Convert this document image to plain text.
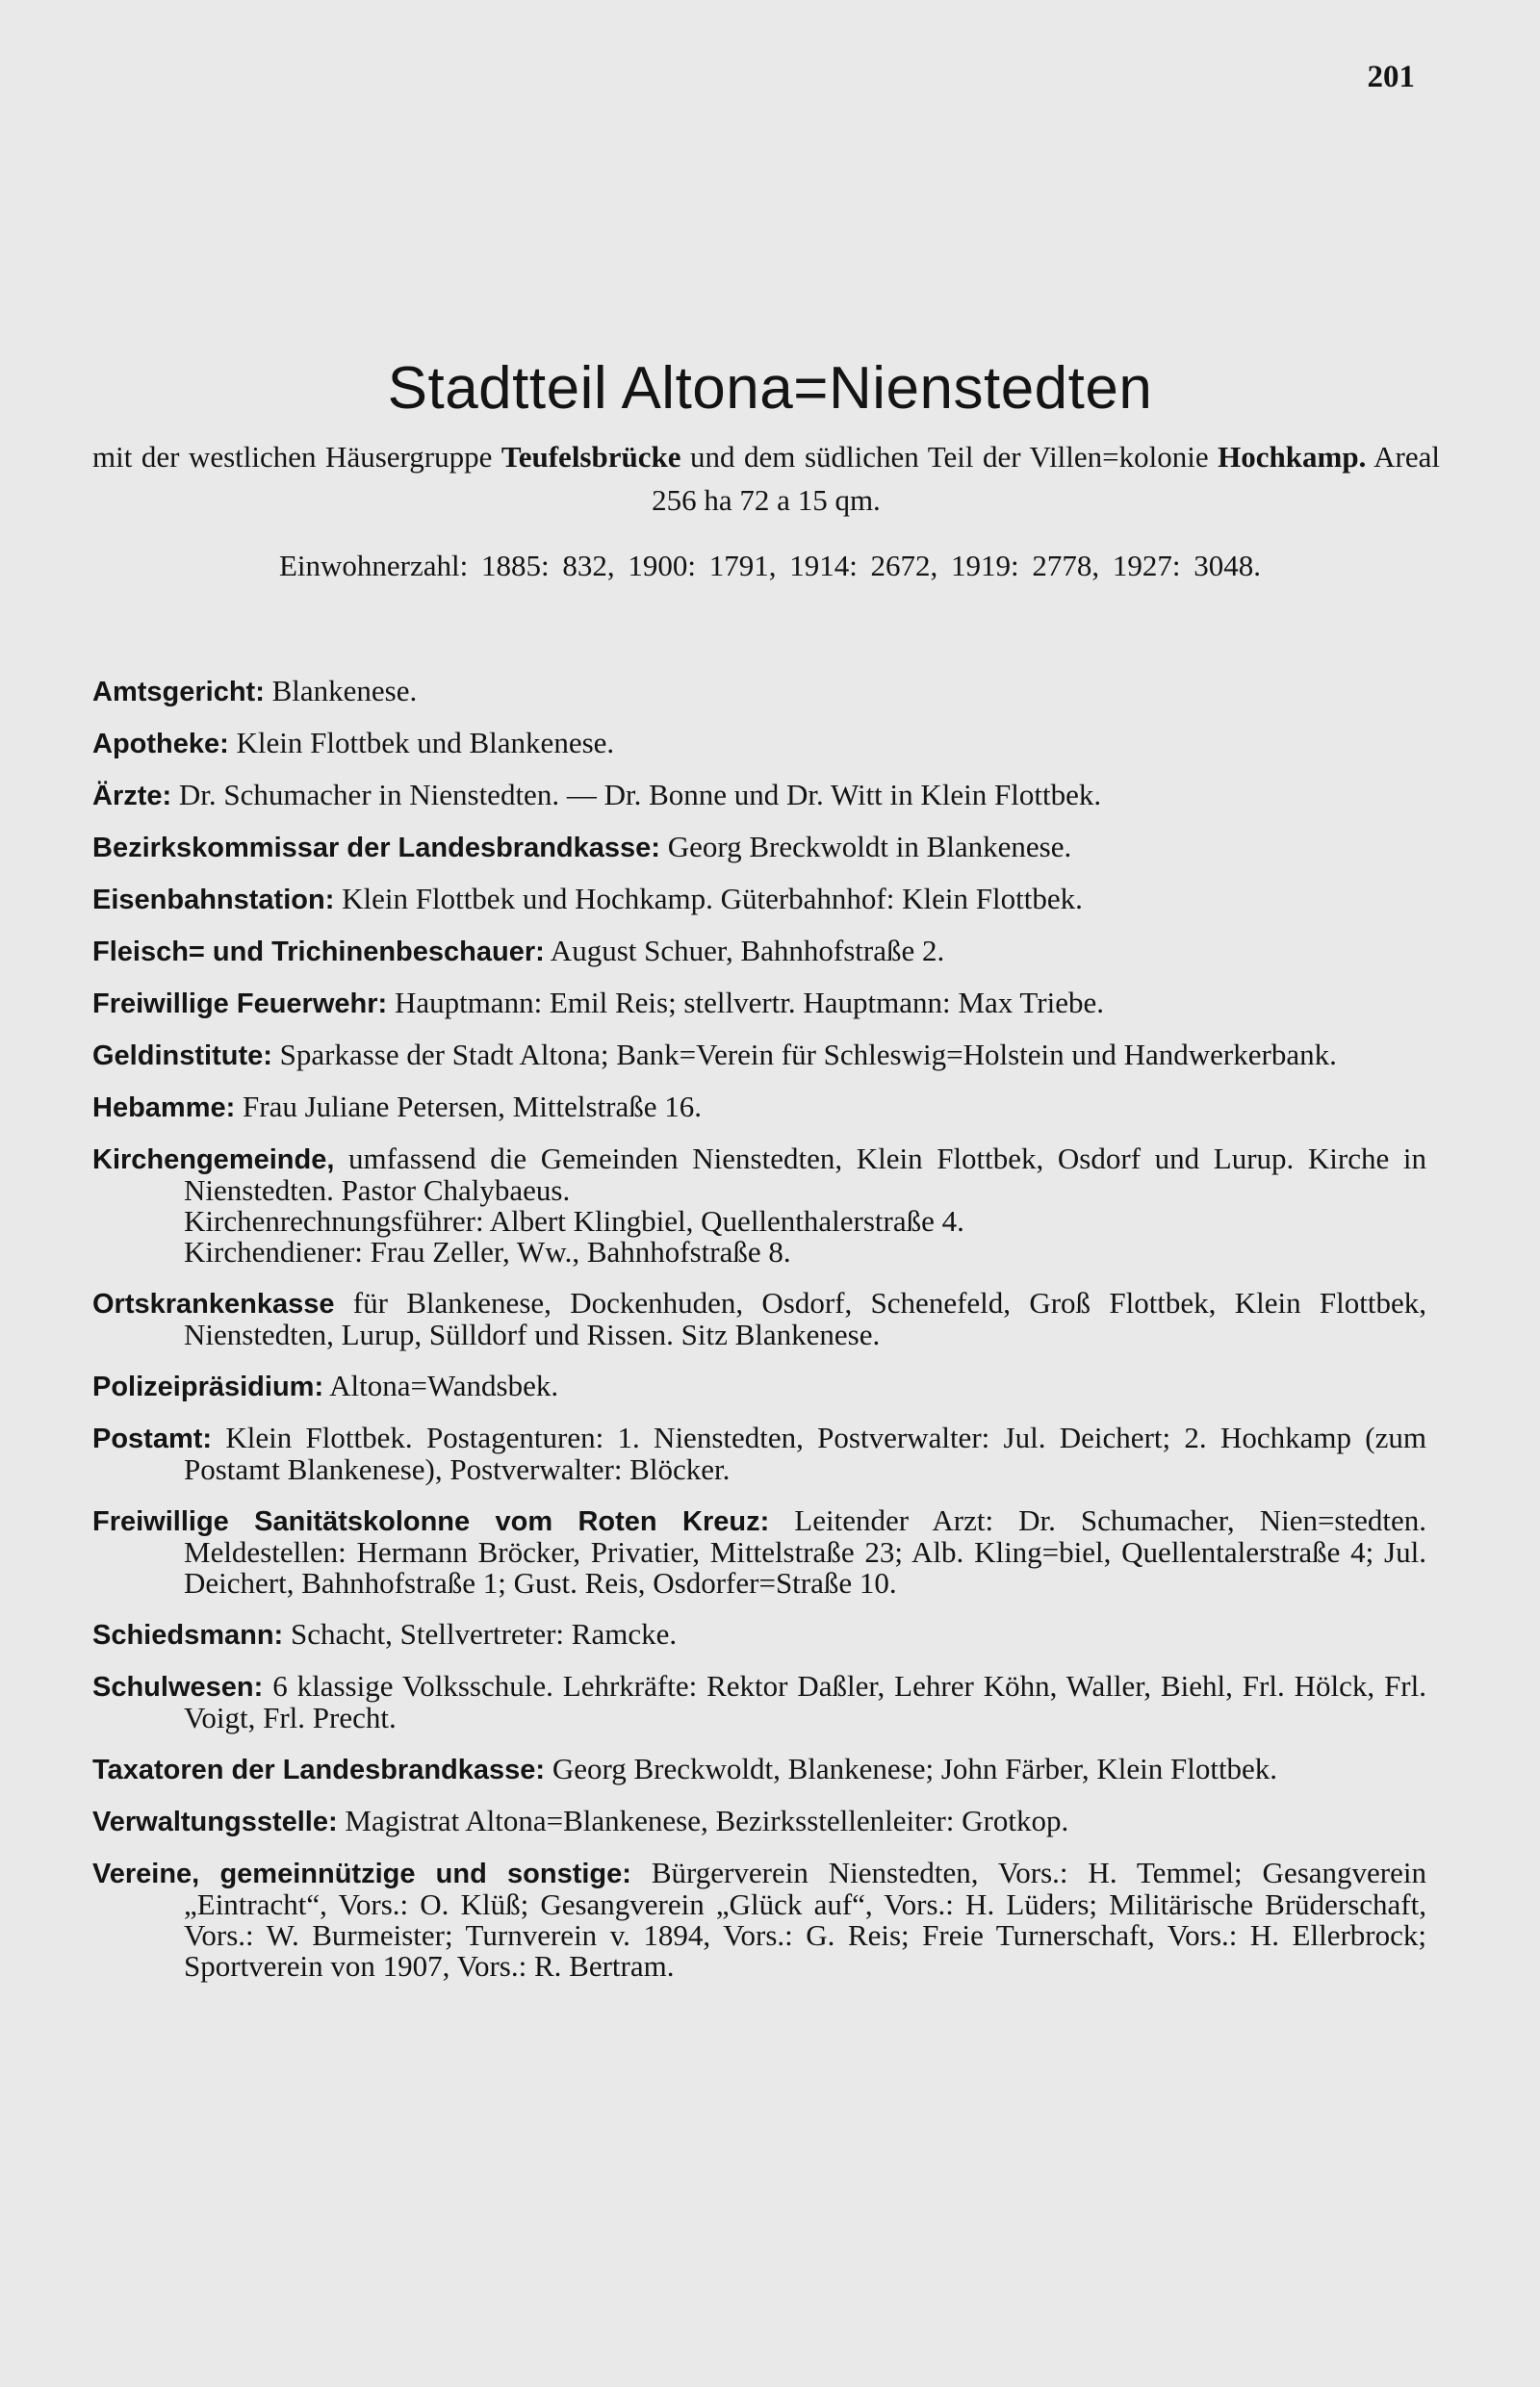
201
Stadtteil Altona=Nienstedten
mit der westlichen Häusergruppe Teufelsbrücke und dem südlichen Teil der Villen=kolonie Hochkamp. Areal 256 ha 72 a 15 qm.
Einwohnerzahl: 1885: 832, 1900: 1791, 1914: 2672, 1919: 2778, 1927: 3048.

Amtsgericht: Blankenese.

Apotheke: Klein Flottbek und Blankenese.

Ärzte: Dr. Schumacher in Nienstedten. — Dr. Bonne und Dr. Witt in Klein Flottbek.

Bezirkskommissar der Landesbrandkasse: Georg Breckwoldt in Blankenese.

Eisenbahnstation: Klein Flottbek und Hochkamp. Güterbahnhof: Klein Flottbek.

Fleisch= und Trichinenbeschauer: August Schuer, Bahnhofstraße 2.

Freiwillige Feuerwehr: Hauptmann: Emil Reis; stellvertr. Hauptmann: Max Triebe.

Geldinstitute: Sparkasse der Stadt Altona; Bank=Verein für Schleswig=Holstein und Handwerkerbank.

Hebamme: Frau Juliane Petersen, Mittelstraße 16.

Kirchengemeinde, umfassend die Gemeinden Nienstedten, Klein Flottbek, Osdorf und Lurup. Kirche in Nienstedten. Pastor Chalybaeus.
Kirchenrechnungsführer: Albert Klingbiel, Quellenthalerstraße 4.
Kirchendiener: Frau Zeller, Ww., Bahnhofstraße 8.

Ortskrankenkasse für Blankenese, Dockenhuden, Osdorf, Schenefeld, Groß Flottbek, Klein Flottbek, Nienstedten, Lurup, Sülldorf und Rissen. Sitz Blankenese.

Polizeipräsidium: Altona=Wandsbek.

Postamt: Klein Flottbek. Postagenturen: 1. Nienstedten, Postverwalter: Jul. Deichert; 2. Hochkamp (zum Postamt Blankenese), Postverwalter: Blöcker.

Freiwillige Sanitätskolonne vom Roten Kreuz: Leitender Arzt: Dr. Schumacher, Nien=stedten. Meldestellen: Hermann Bröcker, Privatier, Mittelstraße 23; Alb. Kling=biel, Quellentalerstraße 4; Jul. Deichert, Bahnhofstraße 1; Gust. Reis, Osdorfer=Straße 10.

Schiedsmann: Schacht, Stellvertreter: Ramcke.

Schulwesen: 6 klassige Volksschule. Lehrkräfte: Rektor Daßler, Lehrer Köhn, Waller, Biehl, Frl. Hölck, Frl. Voigt, Frl. Precht.

Taxatoren der Landesbrandkasse: Georg Breckwoldt, Blankenese; John Färber, Klein Flottbek.

Verwaltungsstelle: Magistrat Altona=Blankenese, Bezirksstellenleiter: Grotkop.

Vereine, gemeinnützige und sonstige: Bürgerverein Nienstedten, Vors.: H. Temmel; Gesangverein „Eintracht“, Vors.: O. Klüß; Gesangverein „Glück auf“, Vors.: H. Lüders; Militärische Brüderschaft, Vors.: W. Burmeister; Turnverein v. 1894, Vors.: G. Reis; Freie Turnerschaft, Vors.: H. Ellerbrock; Sportverein von 1907, Vors.: R. Bertram.
